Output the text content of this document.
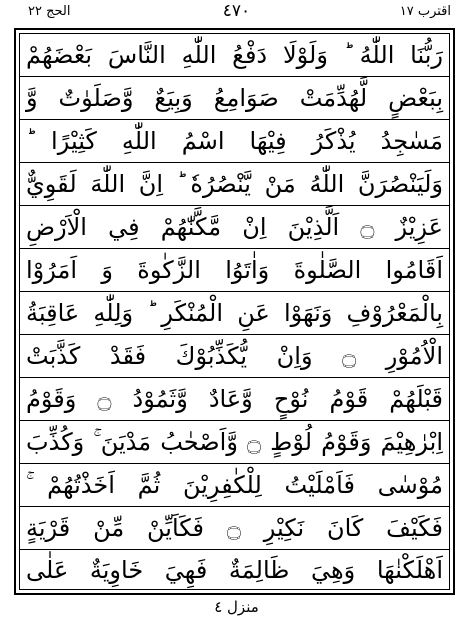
الحج ٢٢	٤٧٠	اقترب ١٧
رَبُّنَا اللّٰهُ ؕ وَلَوْلَا دَفْعُ اللّٰهِ النَّاسَ بَعْضَهُمْ
بِبَعْضٍ لَّهُدِّمَتْ صَوَامِعُ وَبِيَعٌ وَّصَلَوٰتٌ وَّ
مَسٰجِدُ يُذْكَرُ فِيْهَا اسْمُ اللّٰهِ كَثِيْرًا ؕ
وَلَيَنْصُرَنَّ اللّٰهُ مَنْ يَّنْصُرُهٗ ؕ اِنَّ اللّٰهَ لَقَوِيٌّ
عَزِيْزٌ ۝ اَلَّذِيْنَ اِنْ مَّكَّنّٰهُمْ فِي الْاَرْضِ
اَقَامُوا الصَّلٰوةَ وَاٰتَوُا الزَّكٰوةَ وَ اَمَرُوْا
بِالْمَعْرُوْفِ وَنَهَوْا عَنِ الْمُنْكَرِ ؕ وَلِلّٰهِ عَاقِبَةُ
الْاُمُوْرِ ۝ وَاِنْ يُّكَذِّبُوْكَ فَقَدْ كَذَّبَتْ
قَبْلَهُمْ قَوْمُ نُوْحٍ وَّعَادٌ وَّثَمُوْدُ ۝ وَقَوْمُ
اِبْرٰهِيْمَ وَقَوْمُ لُوْطٍ ۝ وَّاَصْحٰبُ مَدْيَنَ ۚ وَكُذِّبَ
مُوْسٰى فَاَمْلَيْتُ لِلْكٰفِرِيْنَ ثُمَّ اَخَذْتُهُمْ ۚ
فَكَيْفَ كَانَ نَكِيْرِ ۝ فَكَاَيِّنْ مِّنْ قَرْيَةٍ
اَهْلَكْنٰهَا وَهِيَ ظَالِمَةٌ فَهِيَ خَاوِيَةٌ عَلٰى
منزل ٤
